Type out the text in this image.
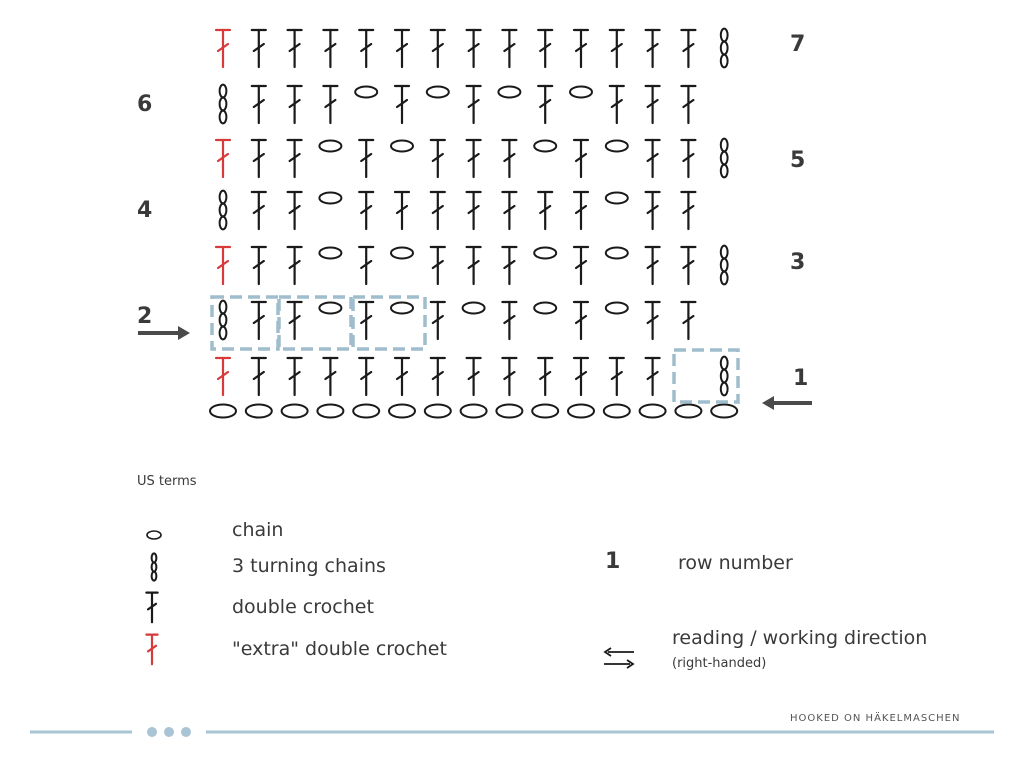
7
6
5
4
3
2
1
US terms
chain
3 turning chains
double crochet
"extra" double crochet
1	row number
reading / working direction
(right-handed)
HOOKED ON HÄKELMASCHEN
